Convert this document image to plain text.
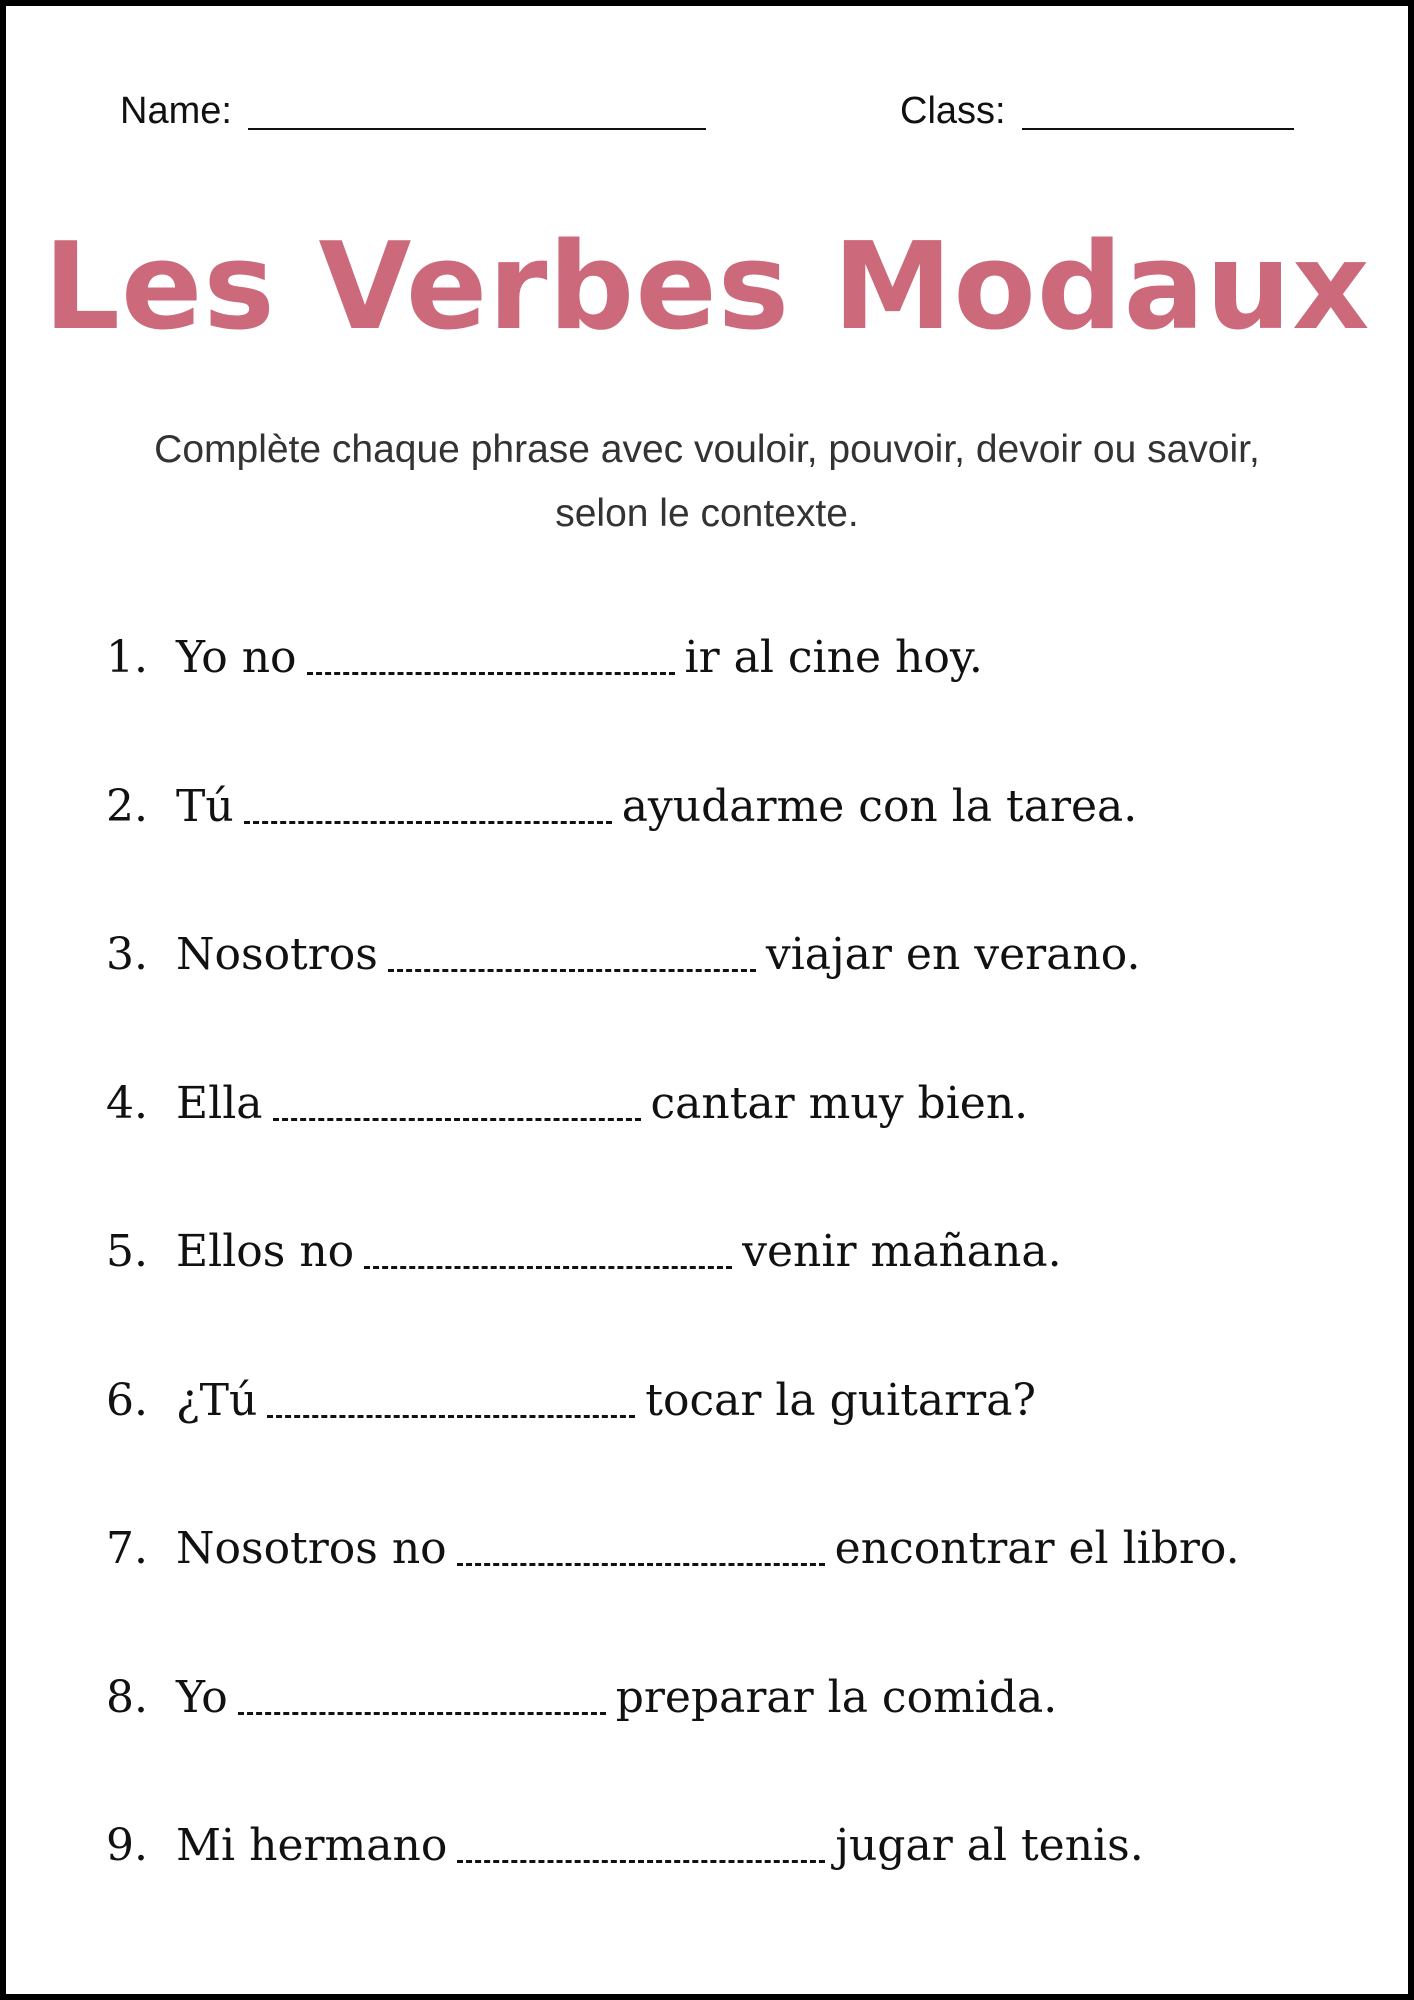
Name:	Class:
Les Verbes Modaux
Complète chaque phrase avec vouloir, pouvoir, devoir ou savoir, selon le contexte.
1. Yo no	ir al cine hoy.
2. Tú	ayudarme con la tarea.
3. Nosotros	viajar en verano.
4. Ella	cantar muy bien.
5. Ellos no	venir mañana.
6. ¿Tú	tocar la guitarra?
7. Nosotros no	encontrar el libro.
8. Yo	preparar la comida.
9. Mi hermano	jugar al tenis.
